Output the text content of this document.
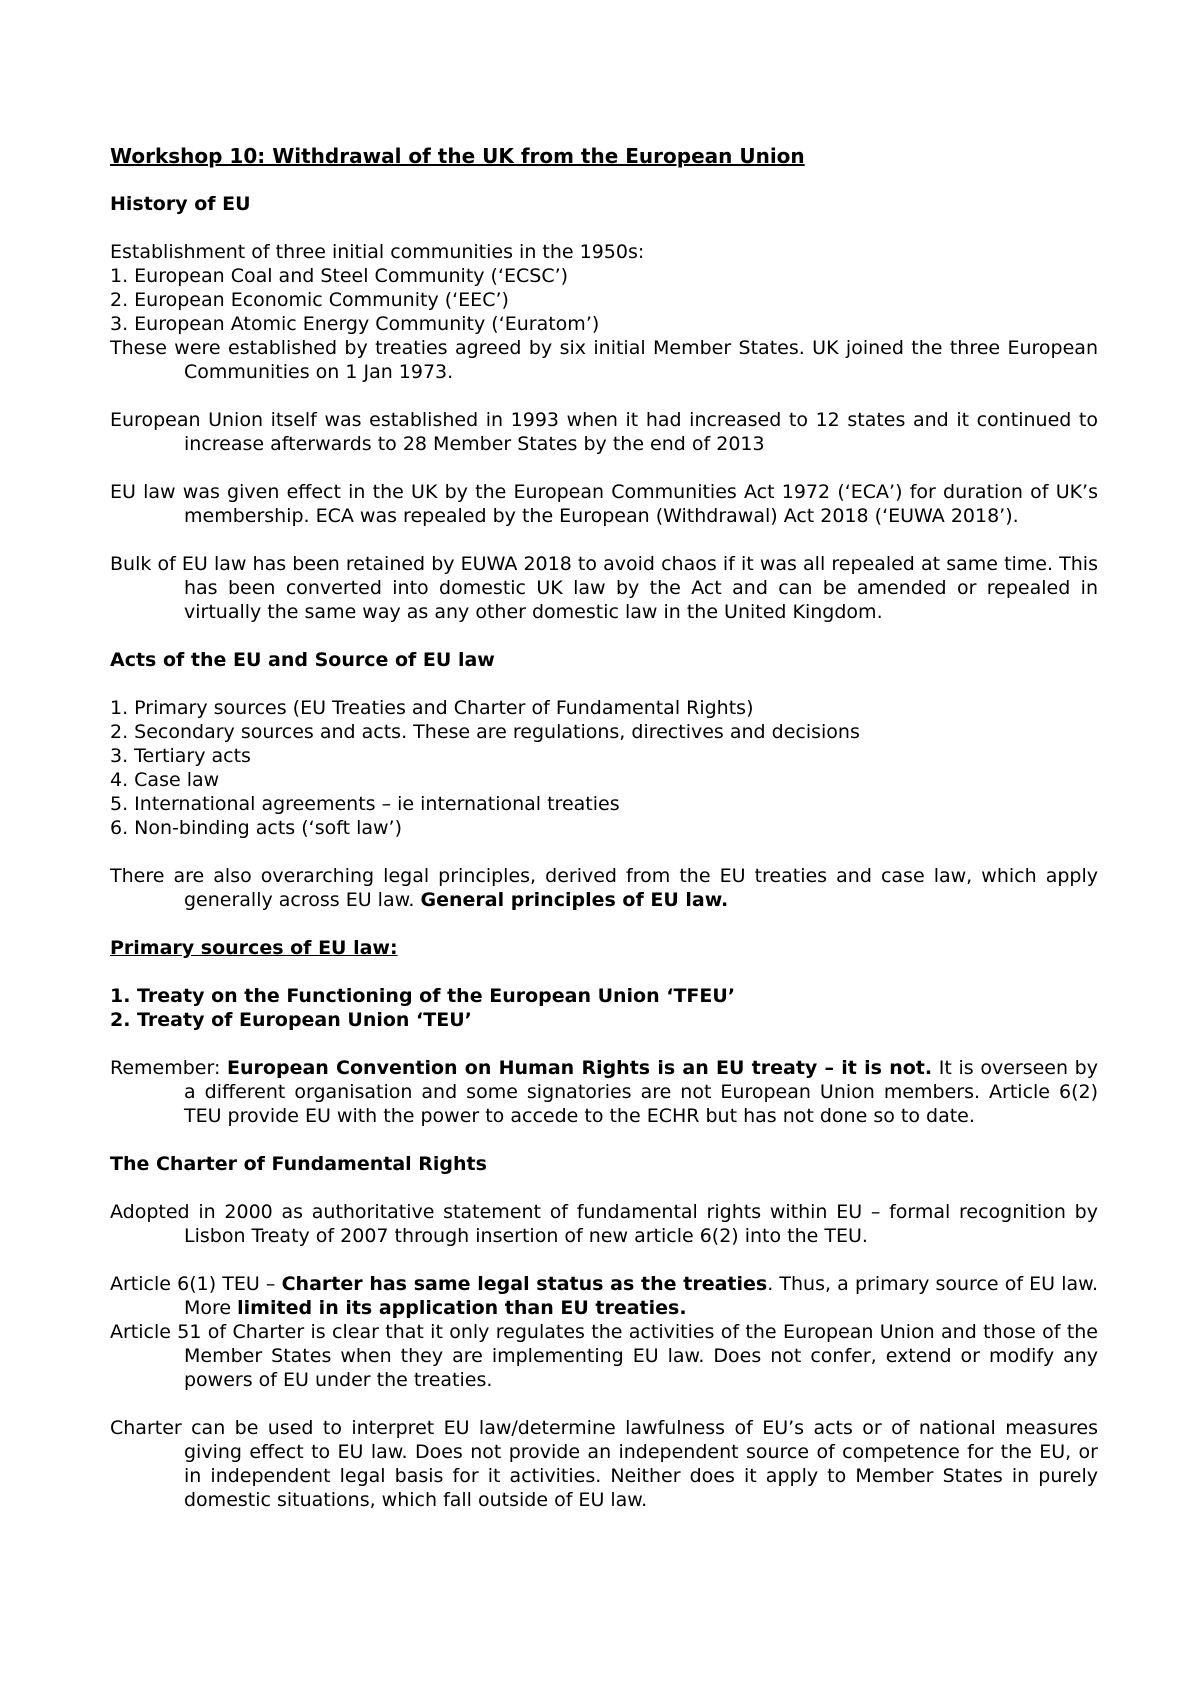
Workshop 10: Withdrawal of the UK from the European Union
History of EU
Establishment of three initial communities in the 1950s:
1. European Coal and Steel Community (‘ECSC’)
2. European Economic Community (‘EEC’)
3. European Atomic Energy Community (‘Euratom’)

These were established by treaties agreed by six initial Member States. UK joined the three European Communities on 1 Jan 1973.

European Union itself was established in 1993 when it had increased to 12 states and it continued to increase afterwards to 28 Member States by the end of 2013

EU law was given effect in the UK by the European Communities Act 1972 (‘ECA’) for duration of UK’s membership. ECA was repealed by the European (Withdrawal) Act 2018 (‘EUWA 2018’).

Bulk of EU law has been retained by EUWA 2018 to avoid chaos if it was all repealed at same time. This has been converted into domestic UK law by the Act and can be amended or repealed in virtually the same way as any other domestic law in the United Kingdom.

Acts of the EU and Source of EU law
1. Primary sources (EU Treaties and Charter of Fundamental Rights)
2. Secondary sources and acts. These are regulations, directives and decisions
3. Tertiary acts
4. Case law
5. International agreements – ie international treaties
6. Non-binding acts (‘soft law’)

There are also overarching legal principles, derived from the EU treaties and case law, which apply generally across EU law. General principles of EU law.

Primary sources of EU law:
1. Treaty on the Functioning of the European Union ‘TFEU’
2. Treaty of European Union ‘TEU’

Remember: European Convention on Human Rights is an EU treaty – it is not. It is overseen by a different organisation and some signatories are not European Union members. Article 6(2) TEU provide EU with the power to accede to the ECHR but has not done so to date.

The Charter of Fundamental Rights

Adopted in 2000 as authoritative statement of fundamental rights within EU – formal recognition by Lisbon Treaty of 2007 through insertion of new article 6(2) into the TEU.

Article 6(1) TEU – Charter has same legal status as the treaties. Thus, a primary source of EU law. More limited in its application than EU treaties.

Article 51 of Charter is clear that it only regulates the activities of the European Union and those of the Member States when they are implementing EU law. Does not confer, extend or modify any powers of EU under the treaties.

Charter can be used to interpret EU law/determine lawfulness of EU’s acts or of national measures giving effect to EU law. Does not provide an independent source of competence for the EU, or in independent legal basis for it activities. Neither does it apply to Member States in purely domestic situations, which fall outside of EU law.
